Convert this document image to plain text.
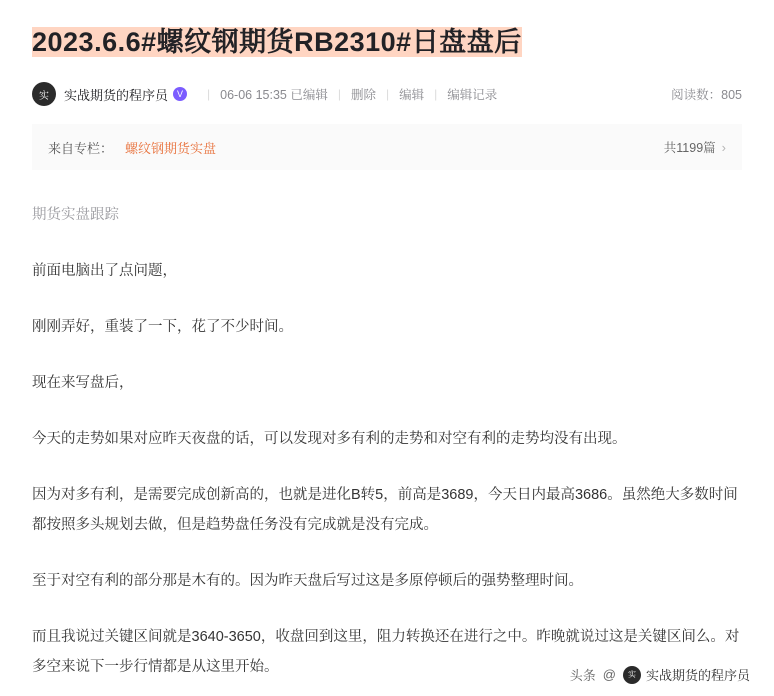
2023.6.6#螺纹钢期货RB2310#日盘盘后
实	实战期货的程序员 V	| 06-06 15:35 已编辑 | 删除 | 编辑 | 编辑记录	阅读数：805
来自专栏： 螺纹钢期货实盘	共1199篇 ›

期货实盘跟踪

前面电脑出了点问题，

刚刚弄好，重装了一下，花了不少时间。

现在来写盘后，

今天的走势如果对应昨天夜盘的话，可以发现对多有利的走势和对空有利的走势均没有出现。

因为对多有利，是需要完成创新高的，也就是进化B转5，前高是3689，今天日内最高3686。虽然绝大多数时间都按照多头规划去做，但是趋势盘任务没有完成就是没有完成。

至于对空有利的部分那是木有的。因为昨天盘后写过这是多原停顿后的强势整理时间。

而且我说过关键区间就是3640-3650，收盘回到这里，阻力转换还在进行之中。昨晚就说过这是关键区间么。对多空来说下一步行情都是从这里开始。

头条 @	实 实战期货的程序员
